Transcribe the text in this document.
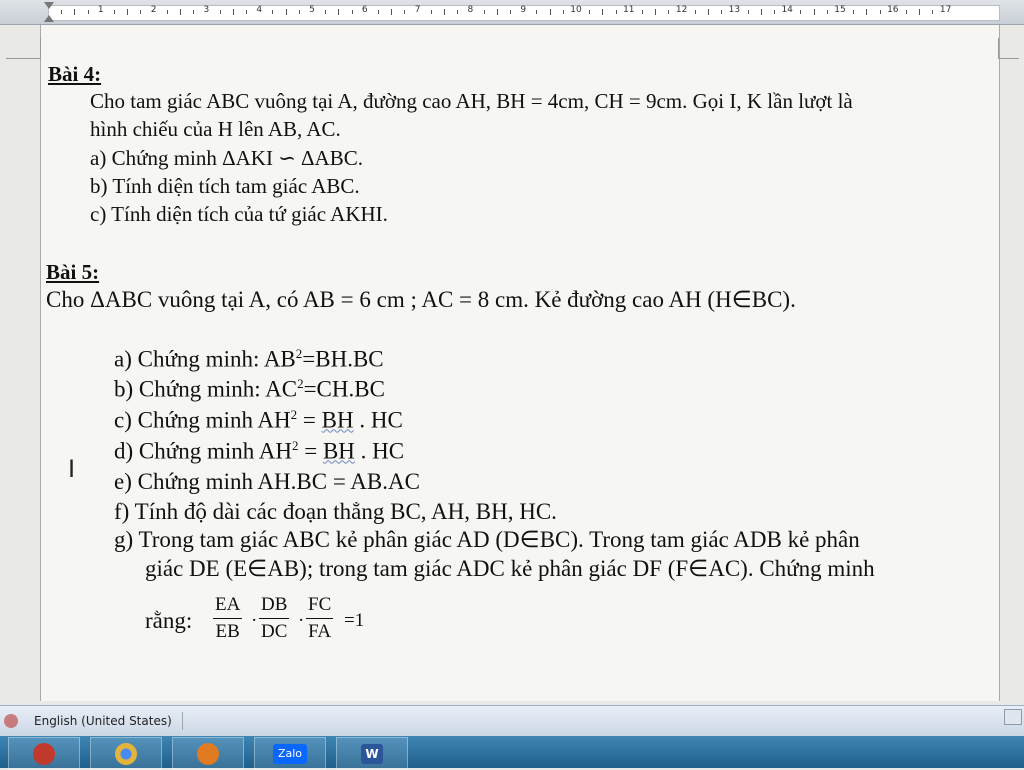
1	2	3	4	5	6	7	8	9	10	11	12	13	14	15	16	17
Bài 4:
Cho tam giác ABC vuông tại A, đường cao AH, BH = 4cm, CH = 9cm. Gọi I, K lần lượt là
hình chiếu của H lên AB, AC.
a) Chứng minh ΔAKI ∽ ΔABC.
b) Tính diện tích tam giác ABC.
c) Tính diện tích của tứ giác AKHI.
Bài 5:
Cho ΔABC vuông tại A, có AB = 6 cm ; AC = 8 cm. Kẻ đường cao AH (H∈BC).
a) Chứng minh: $AB^2=BH.BC$
b) Chứng minh: $AC^2=CH.BC$
c) Chứng minh $AH^2$ = BH . HC
d) Chứng minh $AH^2$ = BH . HC
e) Chứng minh AH.BC = AB.AC
f) Tính độ dài các đoạn thẳng BC, AH, BH, HC.
g) Trong tam giác ABC kẻ phân giác AD (D∈BC). Trong tam giác ADB kẻ phân
giác DE (E∈AB); trong tam giác ADC kẻ phân giác DF (F∈AC). Chứng minh
rằng: $\frac{EA}{EB} \cdot \frac{DB}{DC} \cdot \frac{FC}{FA} =1$
I
English (United States)
Zalo	W
